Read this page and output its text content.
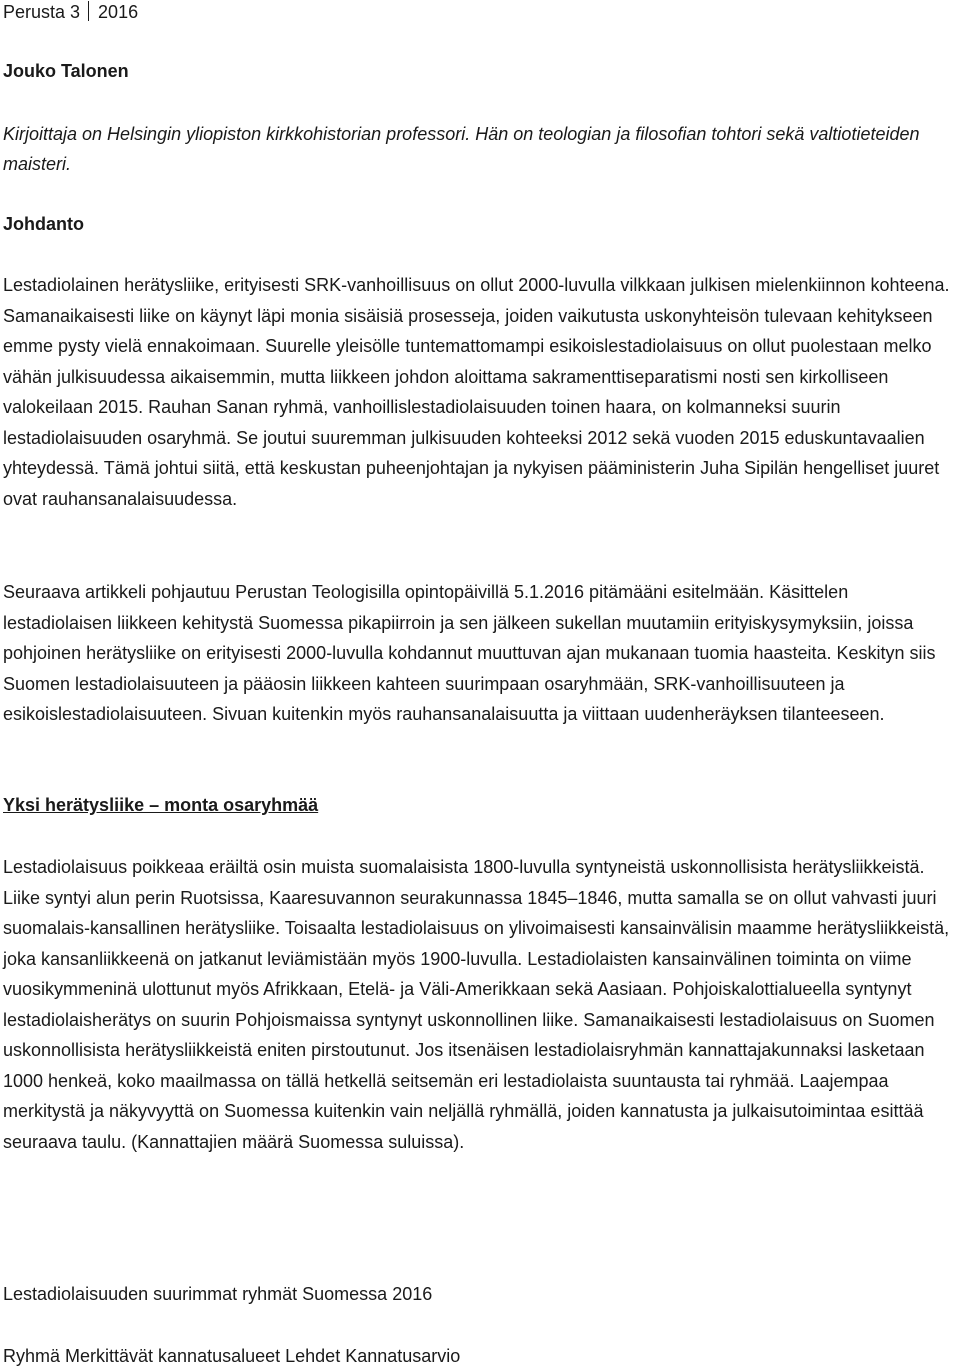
Perusta 3 2016
Jouko Talonen
Kirjoittaja on Helsingin yliopiston kirkkohistorian professori. Hän on teologian ja filosofian tohtori sekä valtiotieteiden maisteri.
Johdanto

Lestadiolainen herätysliike, erityisesti SRK-vanhoillisuus on ollut 2000-luvulla vilkkaan julkisen mielenkiinnon kohteena. Samanaikaisesti liike on käynyt läpi monia sisäisiä prosesseja, joiden vaikutusta uskonyhteisön tulevaan kehitykseen emme pysty vielä ennakoimaan. Suurelle yleisölle tuntemattomampi esikoislestadiolaisuus on ollut puolestaan melko vähän julkisuudessa aikaisemmin, mutta liikkeen johdon aloittama sakramenttiseparatismi nosti sen kirkolliseen valokeilaan 2015. Rauhan Sanan ryhmä, vanhoillislestadiolaisuuden toinen haara, on kolmanneksi suurin lestadiolaisuuden osaryhmä. Se joutui suuremman julkisuuden kohteeksi 2012 sekä vuoden 2015 eduskuntavaalien yhteydessä. Tämä johtui siitä, että keskustan puheenjohtajan ja nykyisen pääministerin Juha Sipilän hengelliset juuret ovat rauhansanalaisuudessa.

Seuraava artikkeli pohjautuu Perustan Teologisilla opintopäivillä 5.1.2016 pitämääni esitelmään. Käsittelen lestadiolaisen liikkeen kehitystä Suomessa pikapiirroin ja sen jälkeen sukellan muutamiin erityiskysymyksiin, joissa pohjoinen herätysliike on erityisesti 2000-luvulla kohdannut muuttuvan ajan mukanaan tuomia haasteita. Keskityn siis Suomen lestadiolaisuuteen ja pääosin liikkeen kahteen suurimpaan osaryhmään, SRK-vanhoillisuuteen ja esikoislestadiolaisuuteen. Sivuan kuitenkin myös rauhansanalaisuutta ja viittaan uudenheräyksen tilanteeseen.

Yksi herätysliike – monta osaryhmää

Lestadiolaisuus poikkeaa eräiltä osin muista suomalaisista 1800-luvulla syntyneistä uskonnollisista herätysliikkeistä. Liike syntyi alun perin Ruotsissa, Kaaresuvannon seurakunnassa 1845–1846, mutta samalla se on ollut vahvasti juuri suomalais-kansallinen herätysliike. Toisaalta lestadiolaisuus on ylivoimaisesti kansainvälisin maamme herätysliikkeistä, joka kansanliikkeenä on jatkanut leviämistään myös 1900-luvulla. Lestadiolaisten kansainvälinen toiminta on viime vuosikymmeninä ulottunut myös Afrikkaan, Etelä- ja Väli-Amerikkaan sekä Aasiaan. Pohjoiskalottialueella syntynyt lestadiolaisherätys on suurin Pohjoismaissa syntynyt uskonnollinen liike. Samanaikaisesti lestadiolaisuus on Suomen uskonnollisista herätysliikkeistä eniten pirstoutunut. Jos itsenäisen lestadiolaisryhmän kannattajakunnaksi lasketaan 1000 henkeä, koko maailmassa on tällä hetkellä seitsemän eri lestadiolaista suuntausta tai ryhmää. Laajempaa merkitystä ja näkyvyyttä on Suomessa kuitenkin vain neljällä ryhmällä, joiden kannatusta ja julkaisutoimintaa esittää seuraava taulu. (Kannattajien määrä Suomessa suluissa).

Lestadiolaisuuden suurimmat ryhmät Suomessa 2016
Ryhmä Merkittävät kannatusalueet Lehdet Kannatusarvio
